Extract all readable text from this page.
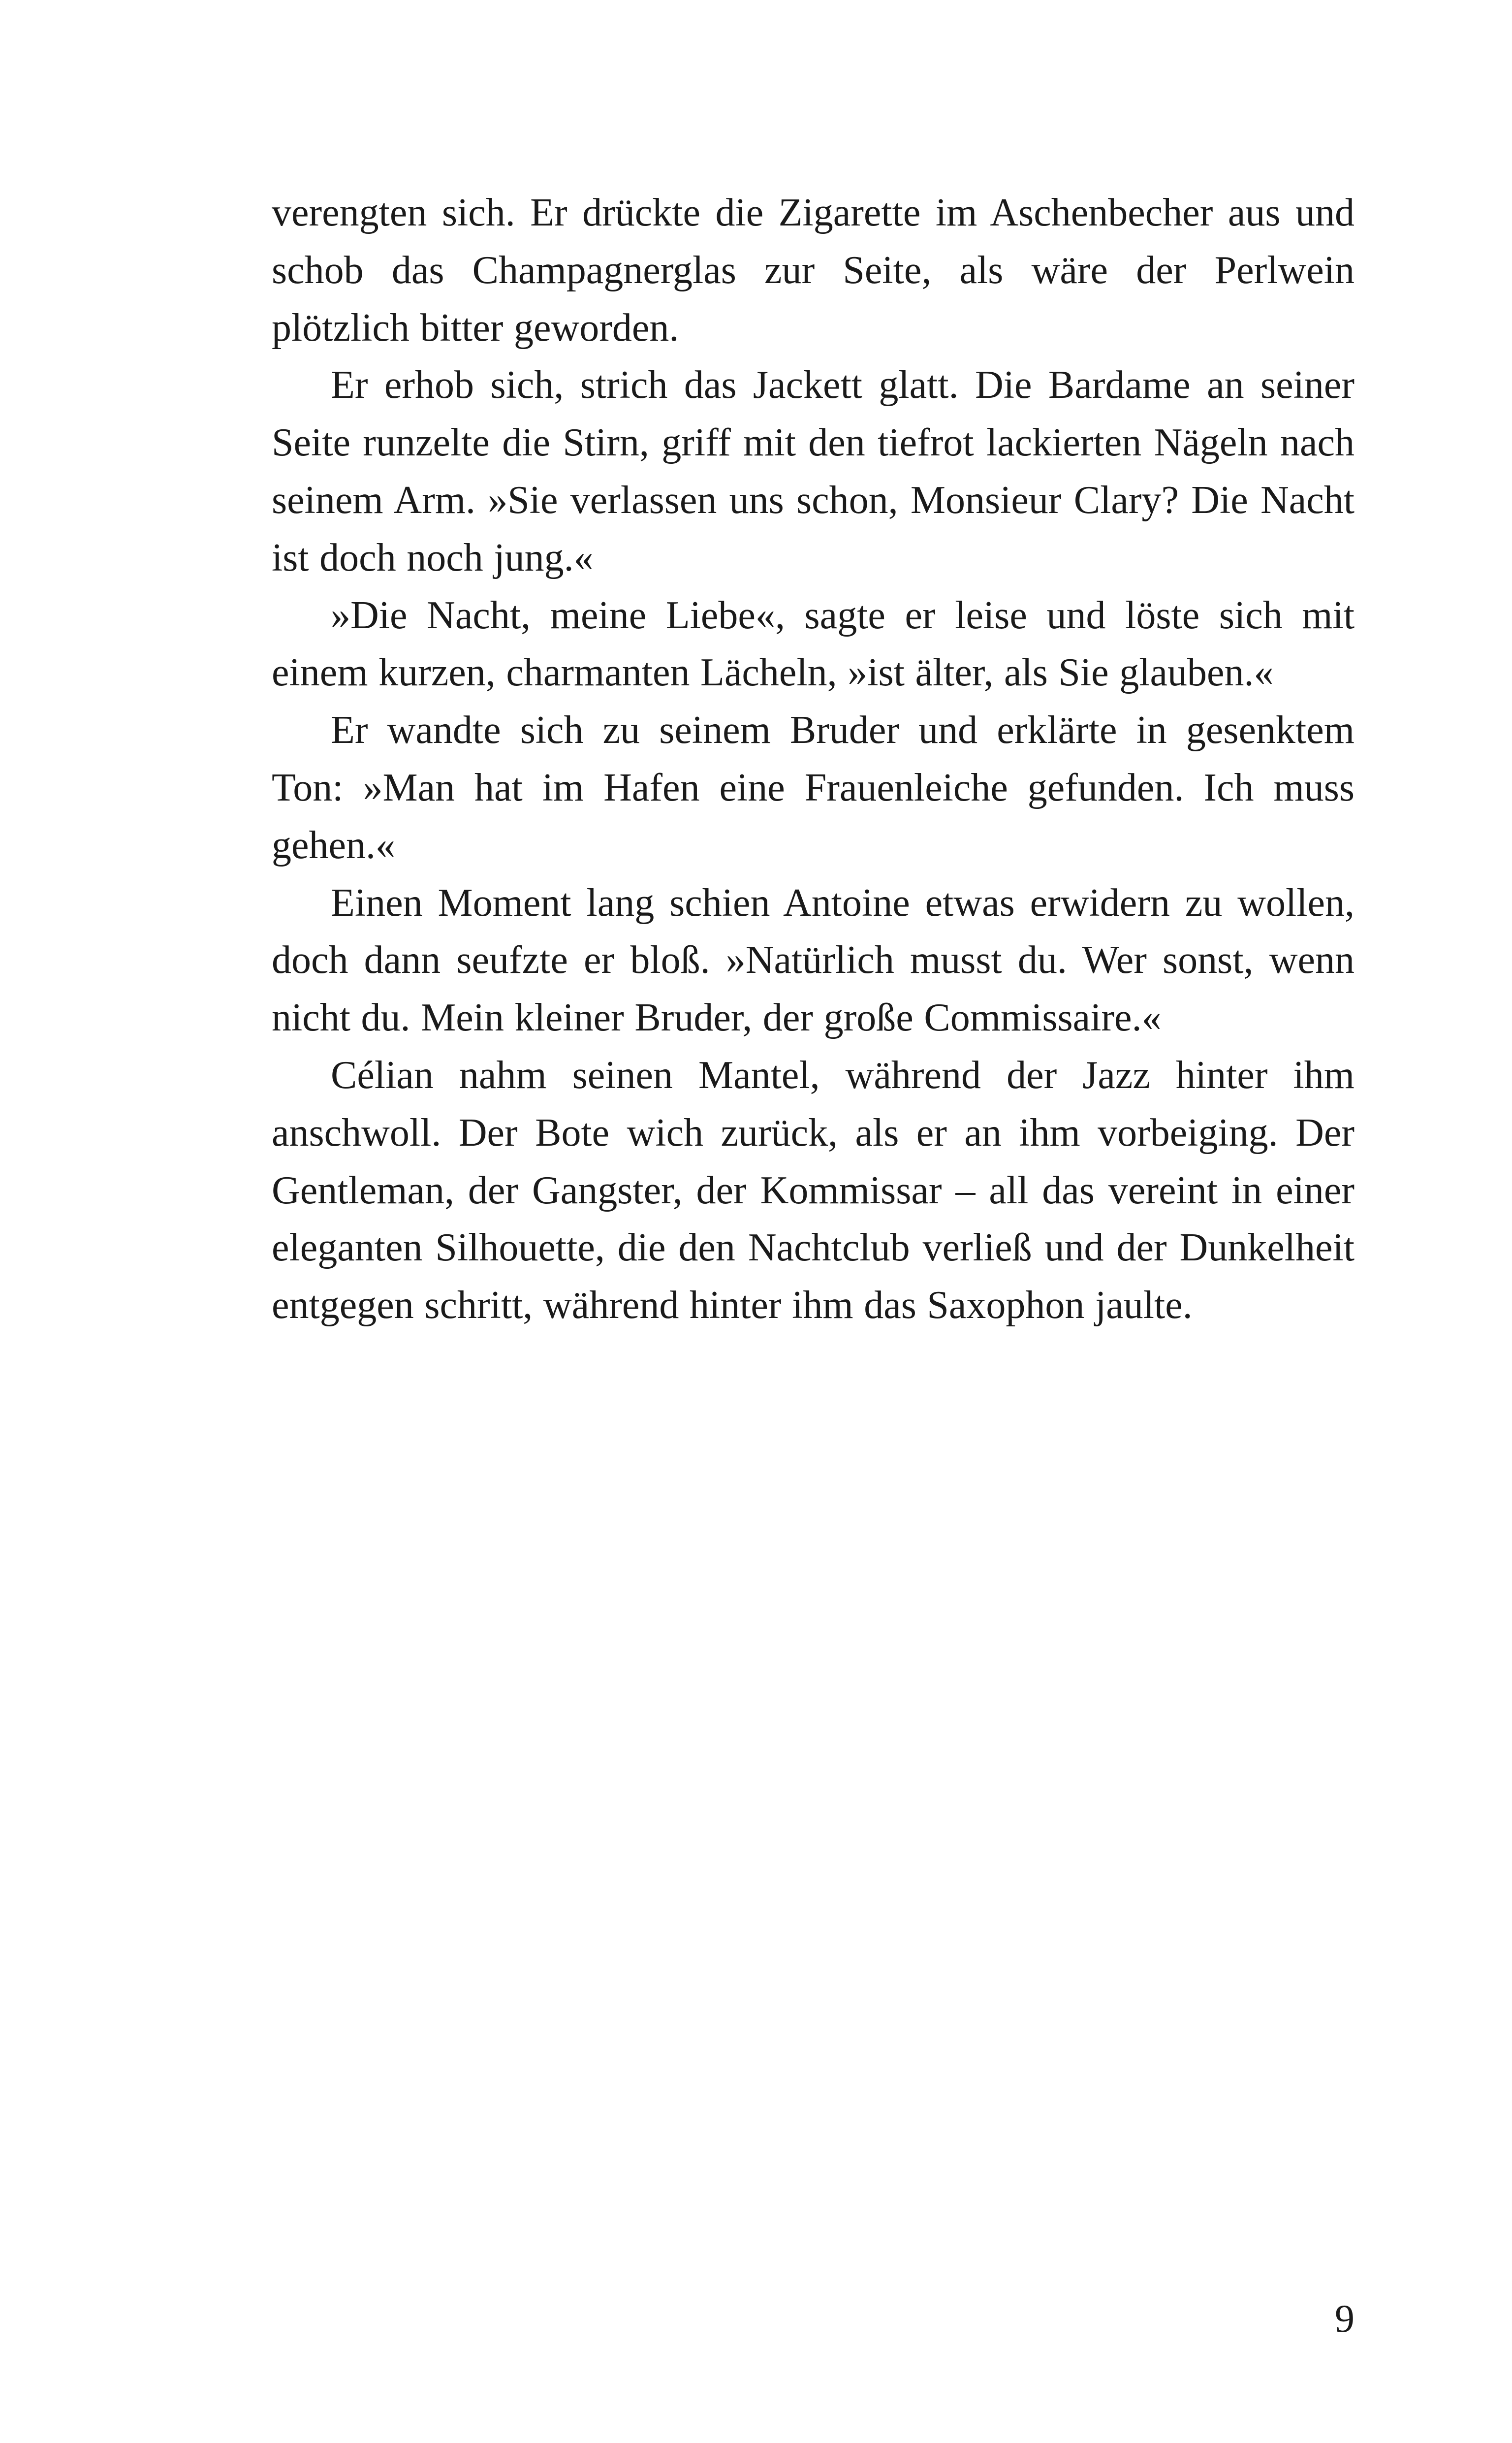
verengten sich. Er drückte die Zigarette im Aschenbecher aus und schob das Champagnerglas zur Seite, als wäre der Perlwein plötzlich bitter geworden.

Er erhob sich, strich das Jackett glatt. Die Bardame an seiner Seite runzelte die Stirn, griff mit den tiefrot lackierten Nägeln nach seinem Arm. »Sie verlassen uns schon, Monsieur Clary? Die Nacht ist doch noch jung.«

»Die Nacht, meine Liebe«, sagte er leise und löste sich mit einem kurzen, charmanten Lächeln, »ist älter, als Sie glauben.«

Er wandte sich zu seinem Bruder und erklärte in gesenktem Ton: »Man hat im Hafen eine Frauenleiche gefunden. Ich muss gehen.«

Einen Moment lang schien Antoine etwas erwidern zu wollen, doch dann seufzte er bloß. »Natürlich musst du. Wer sonst, wenn nicht du. Mein kleiner Bruder, der große Commissaire.«

Célian nahm seinen Mantel, während der Jazz hinter ihm anschwoll. Der Bote wich zurück, als er an ihm vorbeiging. Der Gentleman, der Gangster, der Kommissar – all das vereint in einer eleganten Silhouette, die den Nachtclub verließ und der Dunkelheit entgegen schritt, während hinter ihm das Saxophon jaulte.

9
